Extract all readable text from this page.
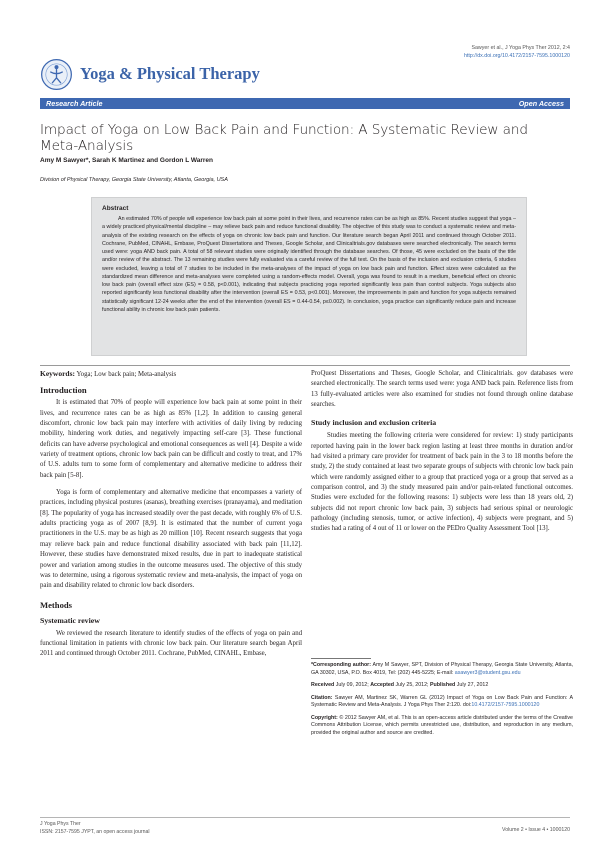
Sawyer et al., J Yoga Phys Ther 2012, 2:4
http://dx.doi.org/10.4172/2157-7595.1000120
Yoga & Physical Therapy
Research Article	Open Access
Impact of Yoga on Low Back Pain and Function: A Systematic Review and Meta-Analysis
Amy M Sawyer*, Sarah K Martinez and Gordon L Warren
Division of Physical Therapy, Georgia State University, Atlanta, Georgia, USA
Abstract
An estimated 70% of people will experience low back pain at some point in their lives, and recurrence rates can be as high as 85%. Recent studies suggest that yoga – a widely practiced physical/mental discipline – may relieve back pain and reduce functional disability. The objective of this study was to conduct a systematic review and meta-analysis of the existing research on the effects of yoga on chronic low back pain and function. Our literature search began April 2011 and continued through October 2011. Cochrane, PubMed, CINAHL, Embase, ProQuest Dissertations and Theses, Google Scholar, and Clinicaltrials.gov databases were searched electronically. The search terms used were: yoga AND back pain. A total of 58 relevant studies were originally identified through the database searches. Of those, 45 were excluded on the basis of the title and/or review of the abstract. The 13 remaining studies were fully evaluated via a careful review of the full text. On the basis of the inclusion and exclusion criteria, 6 studies were excluded, leaving a total of 7 studies to be included in the meta-analyses of the impact of yoga on low back pain and function. Effect sizes were calculated as the standardized mean difference and meta-analyses were completed using a random-effects model. Overall, yoga was found to result in a medium, beneficial effect on chronic low back pain (overall effect size (ES) = 0.58, p<0.001), indicating that subjects practicing yoga reported significantly less pain than control subjects. Yoga subjects also reported significantly less functional disability after the intervention (overall ES = 0.53, p<0.001). Moreover, the improvements in pain and function for yoga subjects remained statistically significant 12-24 weeks after the end of the intervention (overall ES = 0.44-0.54, p≤0.002). In conclusion, yoga practice can significantly reduce pain and increase functional ability in chronic low back pain patients.
Keywords: Yoga; Low back pain; Meta-analysis
Introduction

It is estimated that 70% of people will experience low back pain at some point in their lives, and recurrence rates can be as high as 85% [1,2]. In addition to causing general discomfort, chronic low back pain may interfere with activities of daily living by reducing mobility, hindering work duties, and negatively impacting self-care [3]. These functional deficits can have adverse psychological and emotional consequences as well [4]. Despite a wide variety of treatment options, chronic low back pain can be difficult and costly to treat, and 17% of U.S. adults turn to some form of complementary and alternative medicine to address their back pain [5-8].

Yoga is form of complementary and alternative medicine that encompasses a variety of practices, including physical postures (asanas), breathing exercises (pranayama), and meditation [8]. The popularity of yoga has increased steadily over the past decade, with roughly 6% of U.S. adults practicing yoga as of 2007 [8,9]. It is estimated that the number of current yoga practitioners in the U.S. may be as high as 20 million [10]. Recent research suggests that yoga may relieve back pain and reduce functional disability associated with back pain [11,12]. However, these studies have demonstrated mixed results, due in part to inadequate statistical power and variation among studies in the outcome measures used. The objective of this study was to determine, using a rigorous systematic review and meta-analysis, the impact of yoga on pain and disability related to chronic low back disorders.

Methods
Systematic review

We reviewed the research literature to identify studies of the effects of yoga on pain and functional limitation in patients with chronic low back pain. Our literature search began April 2011 and continued through October 2011. Cochrane, PubMed, CINAHL, Embase,

ProQuest Dissertations and Theses, Google Scholar, and Clinicaltrials. gov databases were searched electronically. The search terms used were: yoga AND back pain. Reference lists from 13 fully-evaluated articles were also examined for studies not found through online database searches.

Study inclusion and exclusion criteria

Studies meeting the following criteria were considered for review: 1) study participants reported having pain in the lower back region lasting at least three months in duration and/or had visited a primary care provider for treatment of back pain in the 3 to 18 months before the study, 2) the study contained at least two separate groups of subjects with chronic low back pain which were randomly assigned either to a group that practiced yoga or a group that served as a comparison control, and 3) the study measured pain and/or pain-related functional outcomes. Studies were excluded for the following reasons: 1) subjects were less than 18 years old, 2) subjects did not report chronic low back pain, 3) subjects had serious spinal or neurologic pathology (including stenosis, tumor, or active infection), 4) subjects were pregnant, and 5) studies had a rating of 4 out of 11 or lower on the PEDro Quality Assessment Tool [13].

*Corresponding author: Amy M Sawyer, SPT, Division of Physical Therapy, Georgia State University, Atlanta, GA 30302, USA, P.O. Box 4019, Tel: (202) 445-5225; E-mail: asawyer3@student.gsu.edu

Received July 09, 2012; Accepted July 25, 2012; Published July 27, 2012

Citation: Sawyer AM, Martinez SK, Warren GL (2012) Impact of Yoga on Low Back Pain and Function: A Systematic Review and Meta-Analysis. J Yoga Phys Ther 2:120. doi:10.4172/2157-7595.1000120

Copyright: © 2012 Sawyer AM, et al. This is an open-access article distributed under the terms of the Creative Commons Attribution License, which permits unrestricted use, distribution, and reproduction in any medium, provided the original author and source are credited.

J Yoga Phys Ther
ISSN: 2157-7595 JYPT, an open access journal	Volume 2 • Issue 4 • 1000120
